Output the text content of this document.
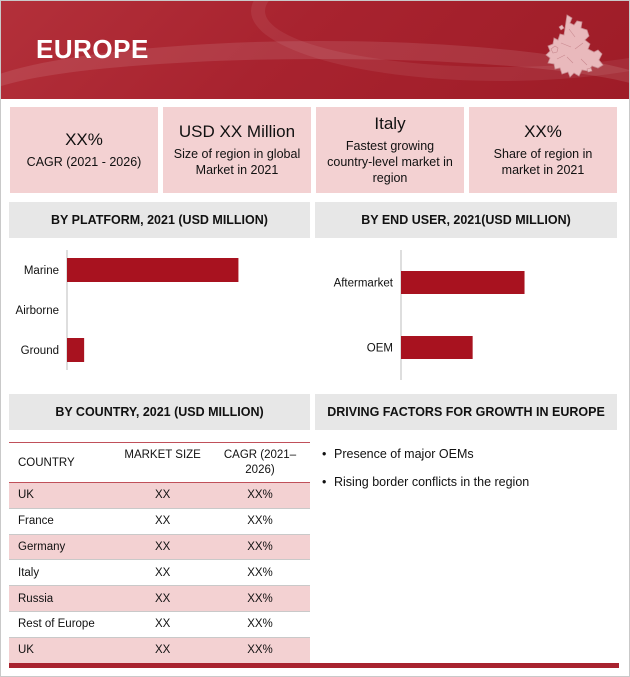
EUROPE
XX%
CAGR (2021 - 2026)
USD XX Million
Size of region in global Market in 2021
Italy
Fastest growing country-level market in region
XX%
Share of region in market in 2021
BY PLATFORM, 2021 (USD MILLION)	BY END USER, 2021(USD MILLION)
Marine
Airborne
Ground
Aftermarket
OEM
BY COUNTRY, 2021 (USD MILLION)	DRIVING FACTORS FOR GROWTH IN EUROPE
COUNTRY	MARKET SIZE	CAGR (2021–2026)
UK	XX	XX%
France	XX	XX%
Germany	XX	XX%
Italy	XX	XX%
Russia	XX	XX%
Rest of Europe	XX	XX%
UK	XX	XX%
• Presence of major OEMs
• Rising border conflicts in the region
